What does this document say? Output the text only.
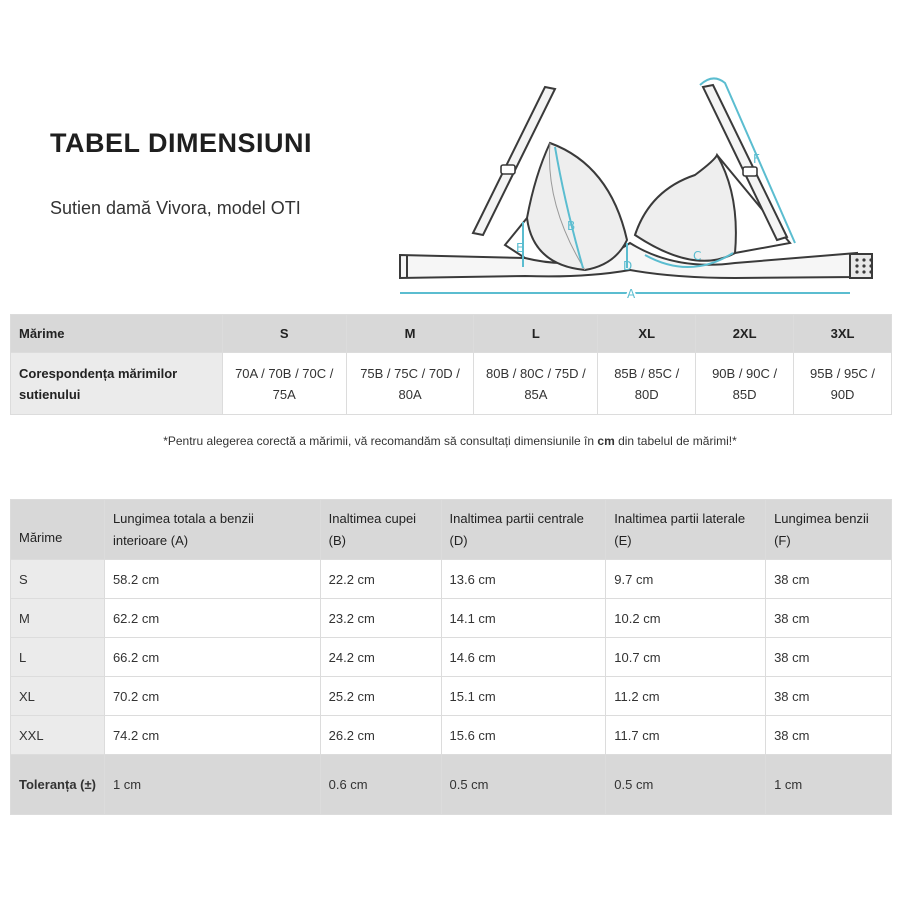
TABEL DIMENSIUNI
Sutien damă Vivora, model OTI
B
E
D
C
F
A
Mărime	S	M	L	XL	2XL	3XL
Corespondența mărimilor sutienului	70A / 70B / 70C / 75A	75B / 75C / 70D / 80A	80B / 80C / 75D / 85A	85B / 85C / 80D	90B / 90C / 85D	95B / 95C / 90D
*Pentru alegerea corectă a mărimii, vă recomandăm să consultați dimensiunile în cm din tabelul de mărimi!*
Mărime	Lungimea totala a benzii interioare (A)	Inaltimea cupei (B)	Inaltimea partii centrale (D)	Inaltimea partii laterale (E)	Lungimea benzii (F)
S	58.2 cm	22.2 cm	13.6 cm	9.7 cm	38 cm
M	62.2 cm	23.2 cm	14.1 cm	10.2 cm	38 cm
L	66.2 cm	24.2 cm	14.6 cm	10.7 cm	38 cm
XL	70.2 cm	25.2 cm	15.1 cm	11.2 cm	38 cm
XXL	74.2 cm	26.2 cm	15.6 cm	11.7 cm	38 cm
Toleranța (±)	1 cm	0.6 cm	0.5 cm	0.5 cm	1 cm
